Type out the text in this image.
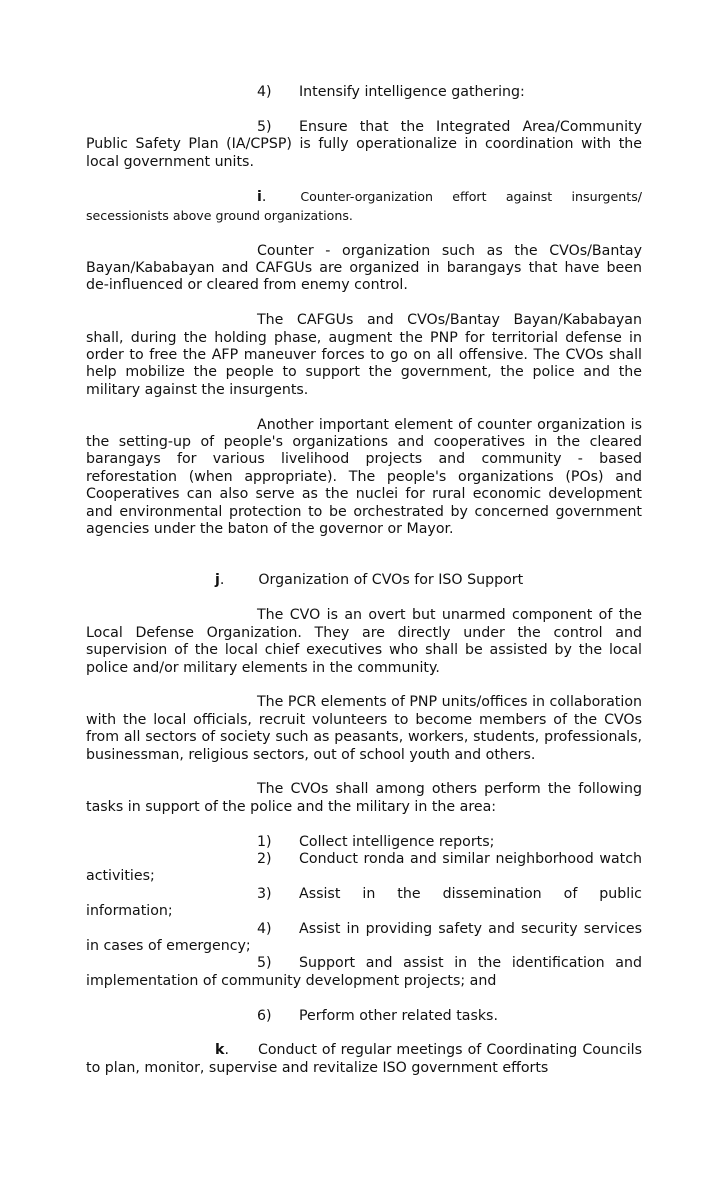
4) Intensify intelligence gathering:

5) Ensure that the Integrated Area/Community Public Safety Plan (IA/CPSP) is fully operationalize in coordination with the local government units.

i.	Counter-organization effort against insurgents/ secessionists above ground organizations.

Counter - organization such as the CVOs/Bantay Bayan/Kababayan and CAFGUs are organized in barangays that have been de-influenced or cleared from enemy control.

The CAFGUs and CVOs/Bantay Bayan/Kababayan shall, during the holding phase, augment the PNP for territorial defense in order to free the AFP maneuver forces to go on all offensive. The CVOs shall help mobilize the people to support the government, the police and the military against the insurgents.

Another important element of counter organization is the setting-up of people's organizations and cooperatives in the cleared barangays for various livelihood projects and community - based reforestation (when appropriate). The people's organizations (POs) and Cooperatives can also serve as the nuclei for rural economic development and environmental protection to be orchestrated by concerned government agencies under the baton of the governor or Mayor.

j. Organization of CVOs for ISO Support

The CVO is an overt but unarmed component of the Local Defense Organization. They are directly under the control and supervision of the local chief executives who shall be assisted by the local police and/or military elements in the community.

The PCR elements of PNP units/offices in collaboration with the local officials, recruit volunteers to become members of the CVOs from all sectors of society such as peasants, workers, students, professionals, businessman, religious sectors, out of school youth and others.

The CVOs shall among others perform the following tasks in support of the police and the military in the area:

1) Collect intelligence reports;

2) Conduct ronda and similar neighborhood watch activities;

3) Assist in the dissemination of public information;

4) Assist in providing safety and security services in cases of emergency;

5) Support and assist in the identification and implementation of community development projects; and

6) Perform other related tasks.

k. Conduct of regular meetings of Coordinating Councils to plan, monitor, supervise and revitalize ISO government efforts
